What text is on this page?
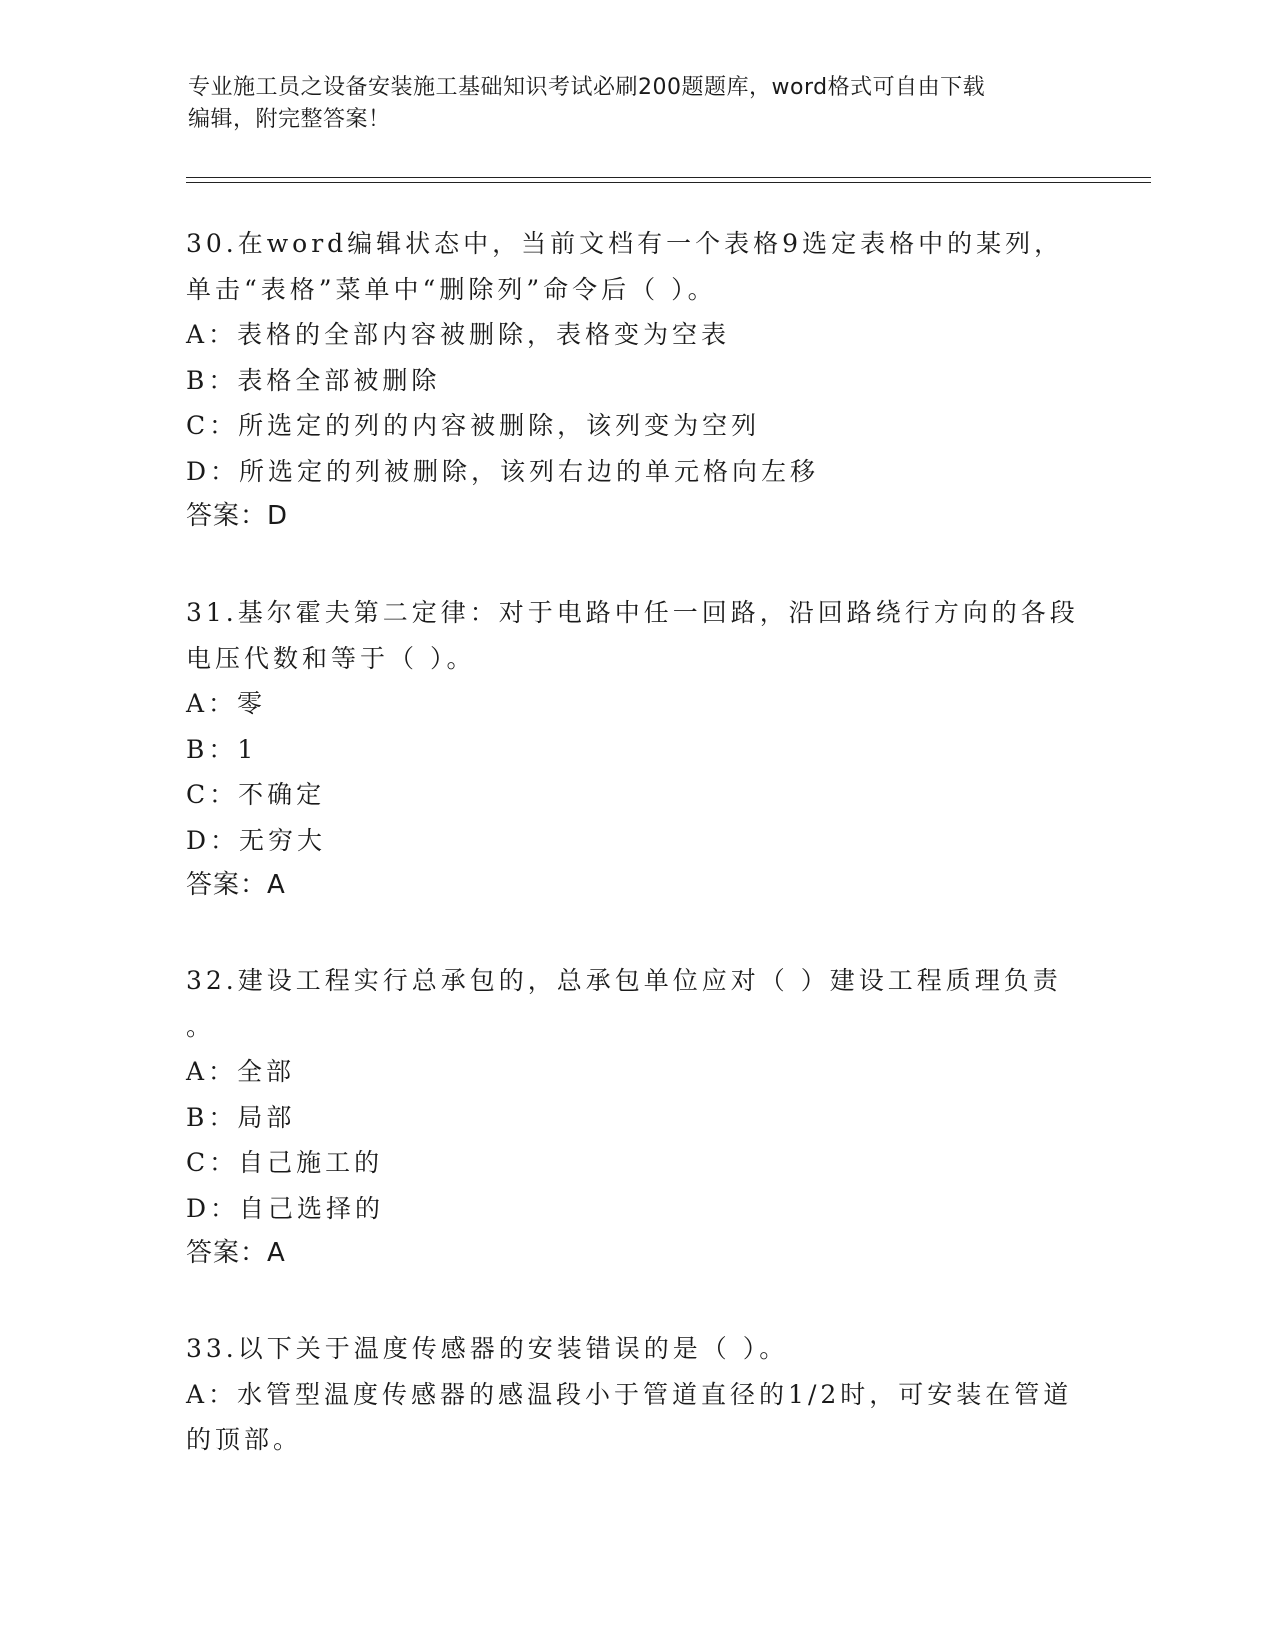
专业施工员之设备安装施工基础知识考试必刷200题题库，word格式可自由下载

编辑，附完整答案！

30.在word编辑状态中，当前文档有一个表格9选定表格中的某列，
单击“表格”菜单中“删除列”命令后（ ）。
A：表格的全部内容被删除，表格变为空表
B：表格全部被删除
C：所选定的列的内容被删除，该列变为空列
D：所选定的列被删除，该列右边的单元格向左移
答案：D
31.基尔霍夫第二定律：对于电路中任一回路，沿回路绕行方向的各段
电压代数和等于（ ）。
A：零
B：1
C：不确定
D：无穷大
答案：A
32.建设工程实行总承包的，总承包单位应对（ ）建设工程质理负责
。
A：全部
B：局部
C：自己施工的
D：自己选择的
答案：A
33.以下关于温度传感器的安装错误的是（ ）。
A：水管型温度传感器的感温段小于管道直径的1/2时，可安装在管道
的顶部。
